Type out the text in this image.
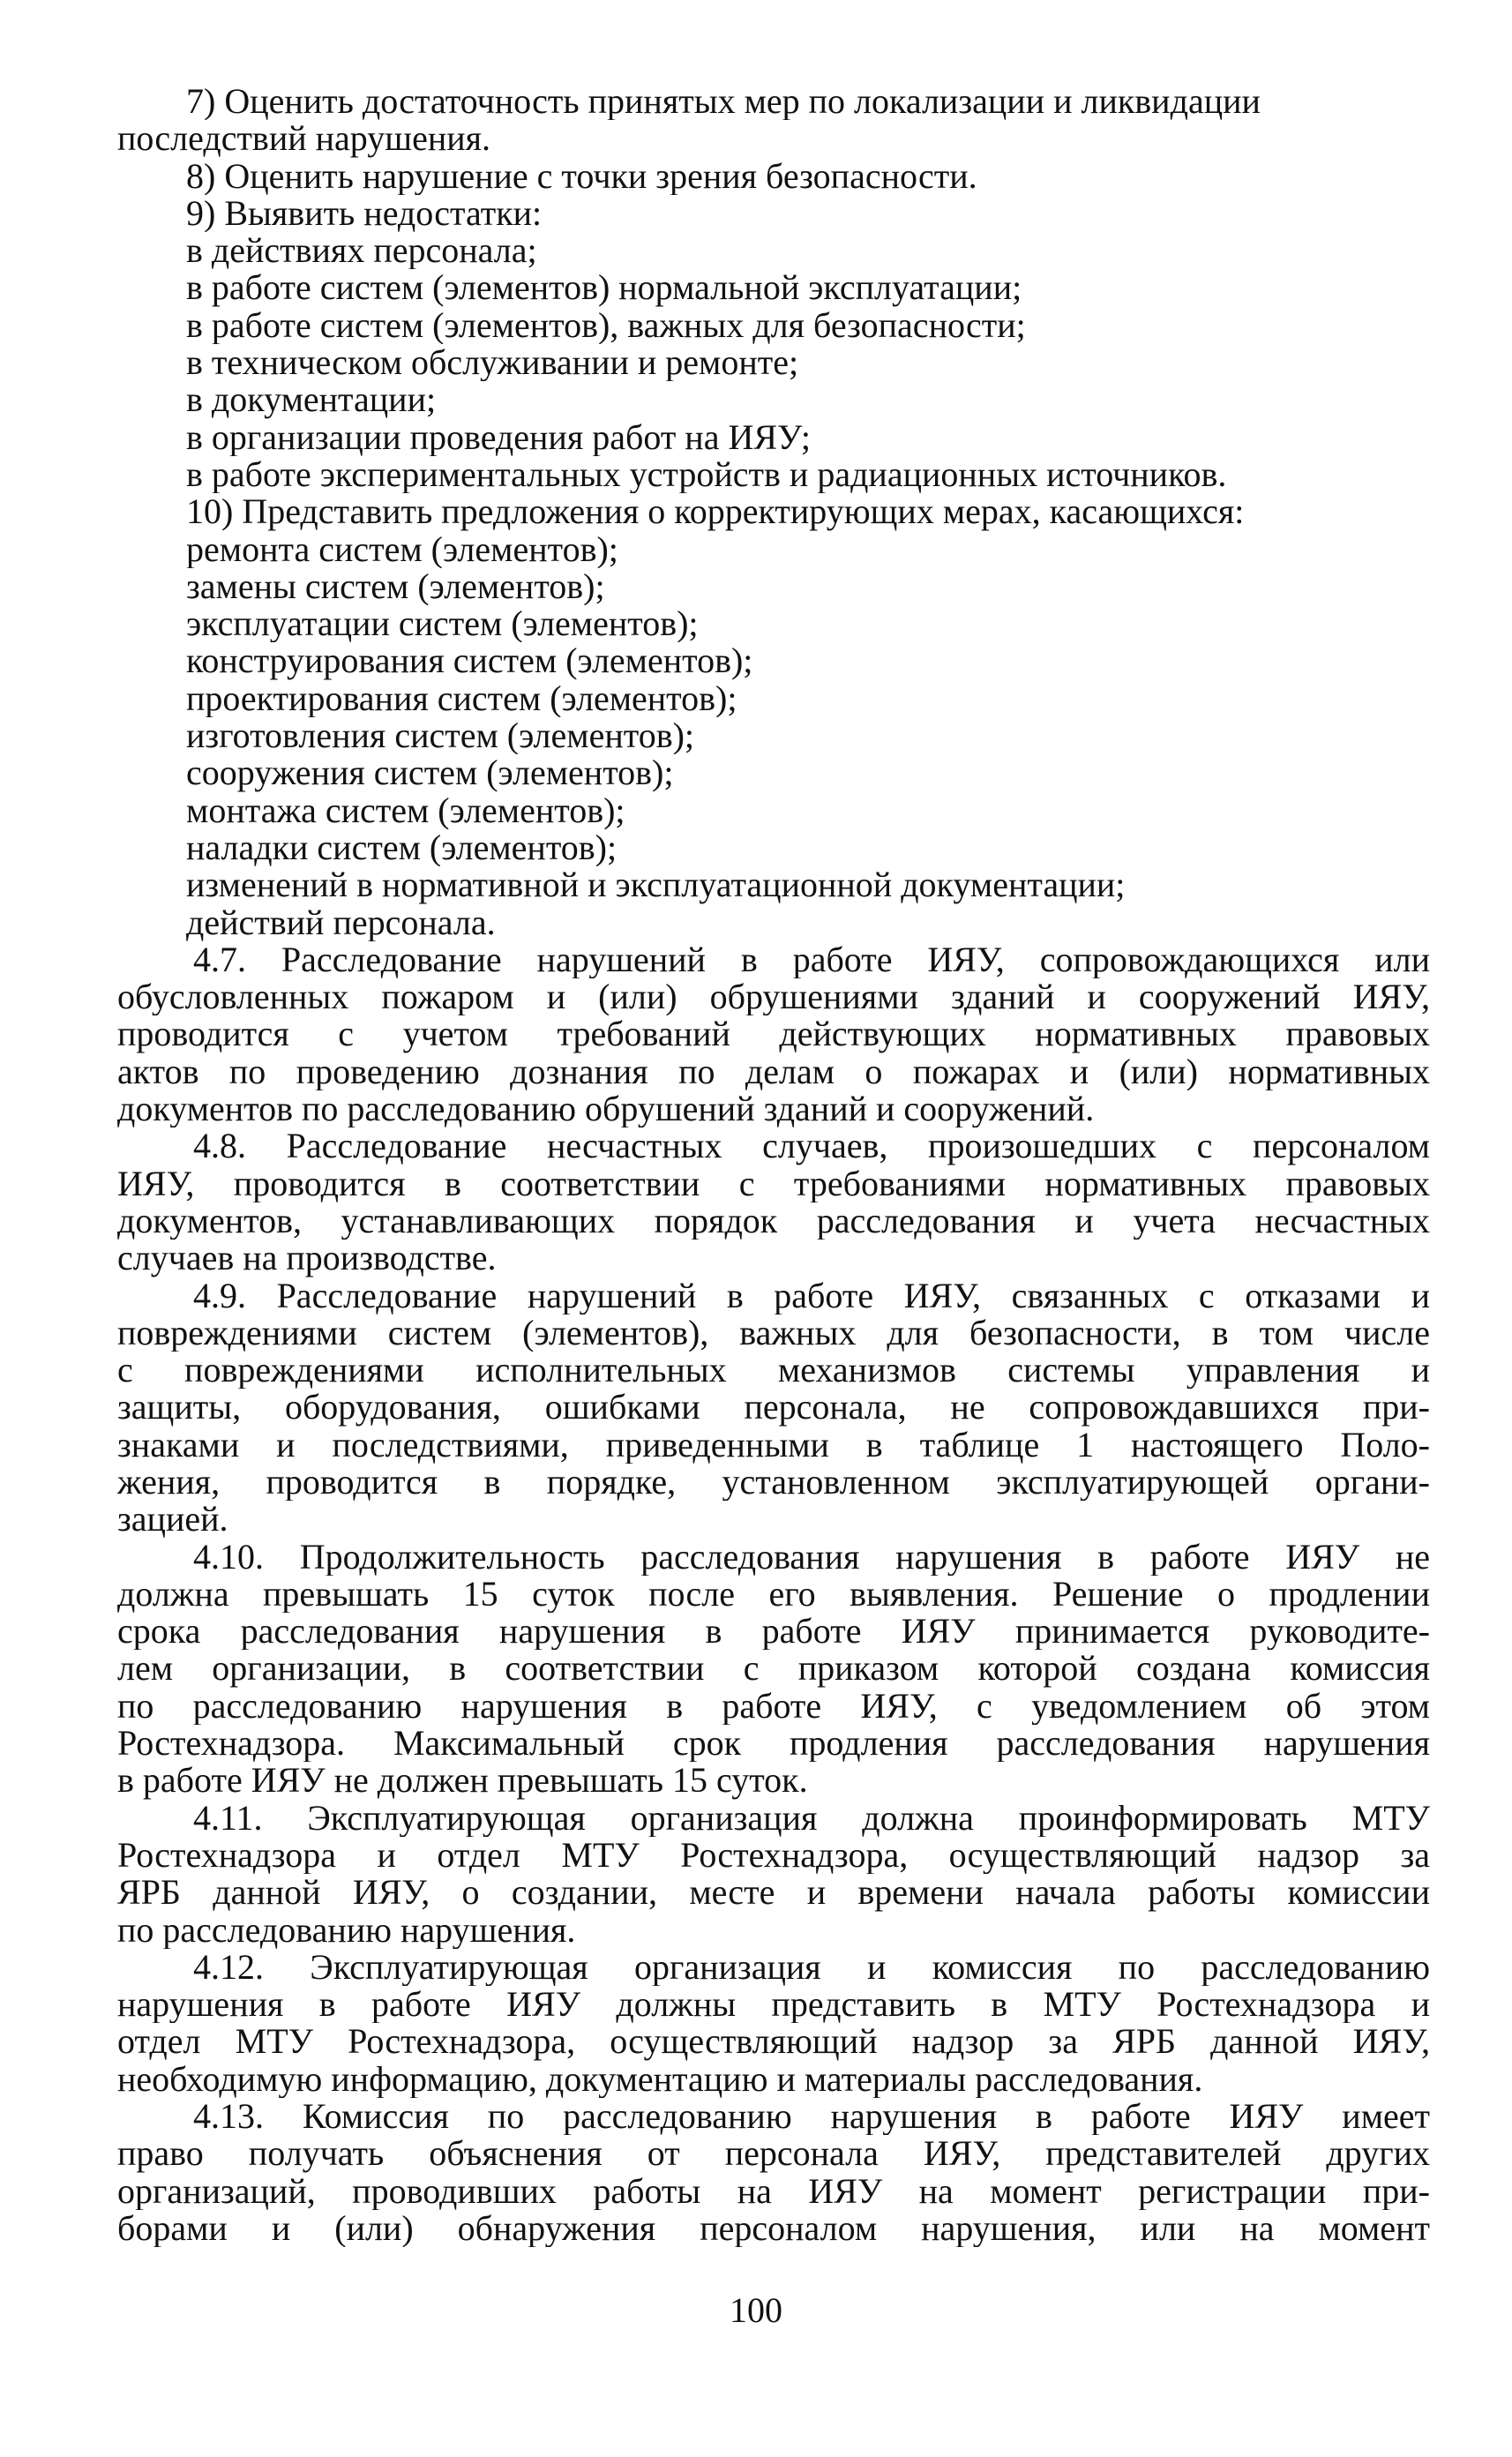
7) Оценить достаточность принятых мер по локализации и ликвидации
последствий нарушения.
8) Оценить нарушение с точки зрения безопасности.
9) Выявить недостатки:
в действиях персонала;
в работе систем (элементов) нормальной эксплуатации;
в работе систем (элементов), важных для безопасности;
в техническом обслуживании и ремонте;
в документации;
в организации проведения работ на ИЯУ;
в работе экспериментальных устройств и радиационных источников.
10) Представить предложения о корректирующих мерах, касающихся:
ремонта систем (элементов);
замены систем (элементов);
эксплуатации систем (элементов);
конструирования систем (элементов);
проектирования систем (элементов);
изготовления систем (элементов);
сооружения систем (элементов);
монтажа систем (элементов);
наладки систем (элементов);
изменений в нормативной и эксплуатационной документации;
действий персонала.
4.7. Расследование нарушений в работе ИЯУ, сопровождающихся или
обусловленных пожаром и (или) обрушениями зданий и сооружений ИЯУ,
проводится с учетом требований действующих нормативных правовых
актов по проведению дознания по делам о пожарах и (или) нормативных
документов по расследованию обрушений зданий и сооружений.
4.8. Расследование несчастных случаев, произошедших с персоналом
ИЯУ, проводится в соответствии с требованиями нормативных правовых
документов, устанавливающих порядок расследования и учета несчастных
случаев на производстве.
4.9. Расследование нарушений в работе ИЯУ, связанных с отказами и
повреждениями систем (элементов), важных для безопасности, в том числе
с повреждениями исполнительных механизмов системы управления и
защиты, оборудования, ошибками персонала, не сопровождавшихся при-
знаками и последствиями, приведенными в таблице 1 настоящего Поло-
жения, проводится в порядке, установленном эксплуатирующей органи-
зацией.
4.10. Продолжительность расследования нарушения в работе ИЯУ не
должна превышать 15 суток после его выявления. Решение о продлении
срока расследования нарушения в работе ИЯУ принимается руководите-
лем организации, в соответствии с приказом которой создана комиссия
по расследованию нарушения в работе ИЯУ, с уведомлением об этом
Ростехнадзора. Максимальный срок продления расследования нарушения
в работе ИЯУ не должен превышать 15 суток.
4.11. Эксплуатирующая организация должна проинформировать МТУ
Ростехнадзора и отдел МТУ Ростехнадзора, осуществляющий надзор за
ЯРБ данной ИЯУ, о создании, месте и времени начала работы комиссии
по расследованию нарушения.
4.12. Эксплуатирующая организация и комиссия по расследованию
нарушения в работе ИЯУ должны представить в МТУ Ростехнадзора и
отдел МТУ Ростехнадзора, осуществляющий надзор за ЯРБ данной ИЯУ,
необходимую информацию, документацию и материалы расследования.
4.13. Комиссия по расследованию нарушения в работе ИЯУ имеет
право получать объяснения от персонала ИЯУ, представителей других
организаций, проводивших работы на ИЯУ на момент регистрации при-
борами и (или) обнаружения персоналом нарушения, или на момент
100
